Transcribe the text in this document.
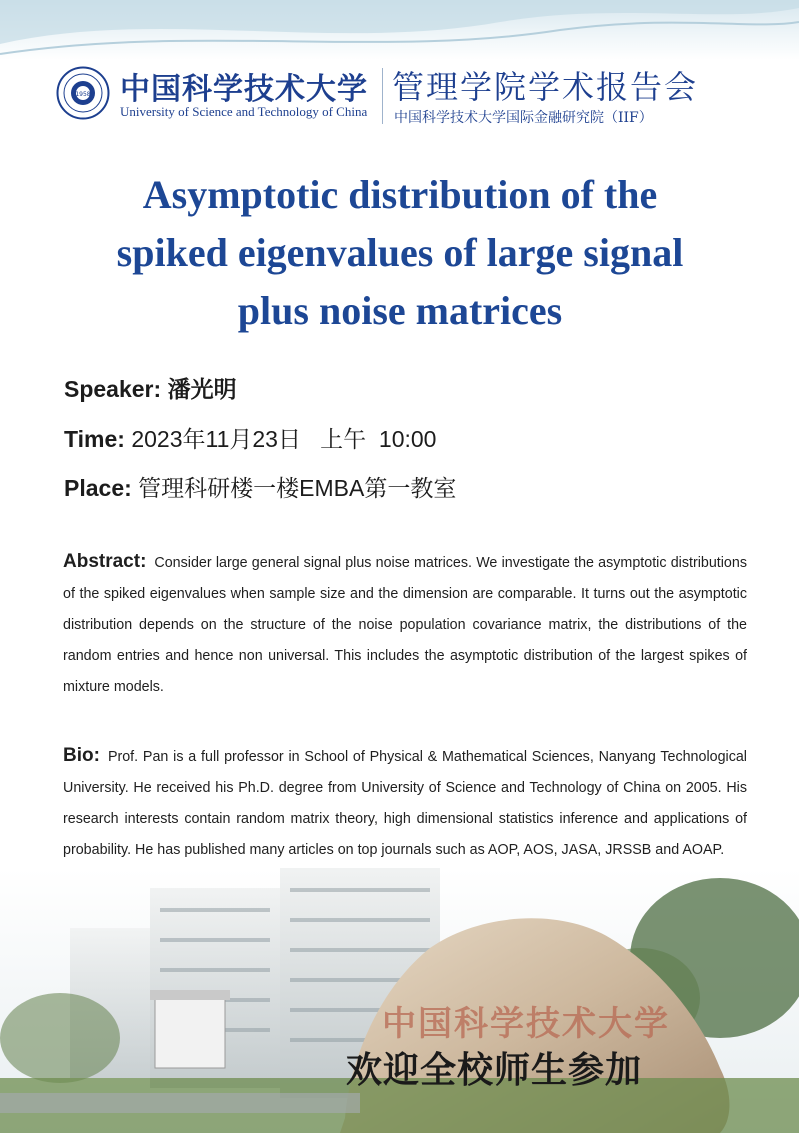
1958 中国科学技术大学
University of Science and Technology of China
管理学院学术报告会
中国科学技术大学国际金融研究院（IIF）
Asymptotic distribution of the
spiked eigenvalues of large signal
plus noise matrices
Speaker: 潘光明
Time: 2023年11月23日   上午  10:00
Place: 管理科研楼一楼EMBA第一教室
Abstract: Consider large general signal plus noise matrices. We investigate the asymptotic distributions of the spiked eigenvalues when sample size and the dimension are comparable. It turns out the asymptotic distribution depends on the structure of the noise population covariance matrix, the distributions of the random entries and hence non universal. This includes the asymptotic distribution of the largest spikes of mixture models.
Bio: Prof. Pan is a full professor in School of Physical & Mathematical Sciences, Nanyang Technological University. He received his Ph.D. degree from University of Science and Technology of China on 2005. His research interests contain random matrix theory, high dimensional statistics inference and applications of probability. He has published many articles on top journals such as AOP, AOS, JASA, JRSSB and AOAP.
中国科学技术大学
欢迎全校师生参加
